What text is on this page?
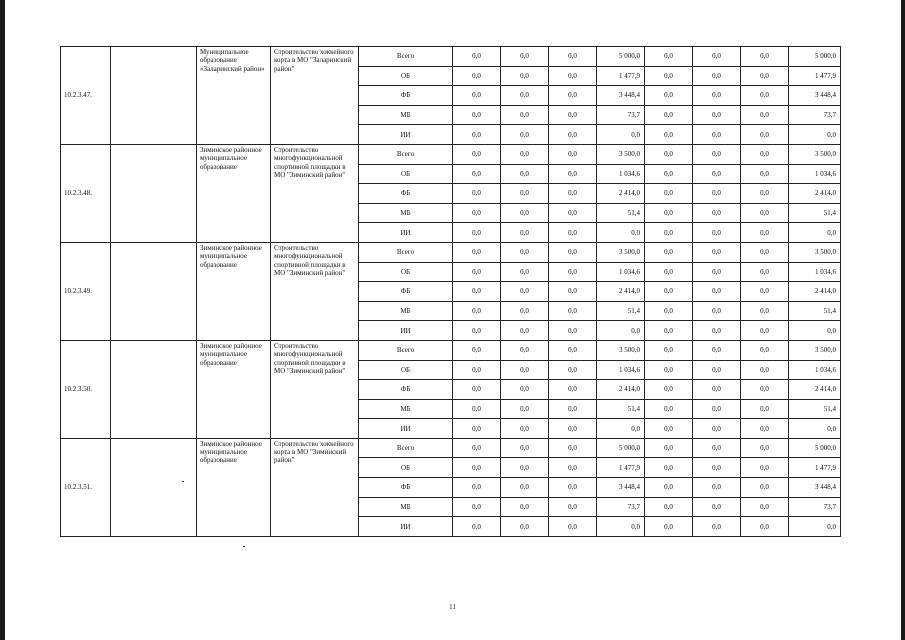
10.2.3.47.		Муниципальное образование «Заларинский район»	Строительство хоккейного корта в МО "Заларинский район"	Всего	0,0	0,0	0,0	5 000,0	0,0	0,0	0,0	5 000,0
				ОБ	0,0	0,0	0,0	1 477,9	0,0	0,0	0,0	1 477,9
				ФБ	0,0	0,0	0,0	3 448,4	0,0	0,0	0,0	3 448,4
				МБ	0,0	0,0	0,0	73,7	0,0	0,0	0,0	73,7
				ИИ	0,0	0,0	0,0	0,0	0,0	0,0	0,0	0,0
10.2.3.48.		Зиминское районное муниципальное образование	Строительство многофункциональной спортивной площадки в МО "Зиминский район"	Всего	0,0	0,0	0,0	3 500,0	0,0	0,0	0,0	3 500,0
				ОБ	0,0	0,0	0,0	1 034,6	0,0	0,0	0,0	1 034,6
				ФБ	0,0	0,0	0,0	2 414,0	0,0	0,0	0,0	2 414,0
				МБ	0,0	0,0	0,0	51,4	0,0	0,0	0,0	51,4
				ИИ	0,0	0,0	0,0	0,0	0,0	0,0	0,0	0,0
10.2.3.49.		Зиминское районное муниципальное образование	Строительство многофункциональной спортивной площадки в МО "Зиминский район"	Всего	0,0	0,0	0,0	3 500,0	0,0	0,0	0,0	3 500,0
				ОБ	0,0	0,0	0,0	1 034,6	0,0	0,0	0,0	1 034,6
				ФБ	0,0	0,0	0,0	2 414,0	0,0	0,0	0,0	2 414,0
				МБ	0,0	0,0	0,0	51,4	0,0	0,0	0,0	51,4
				ИИ	0,0	0,0	0,0	0,0	0,0	0,0	0,0	0,0
10.2.3.50.		Зиминское районное муниципальное образование	Строительство многофункциональной спортивной площадки в МО "Зиминский район"	Всего	0,0	0,0	0,0	3 500,0	0,0	0,0	0,0	3 500,0
				ОБ	0,0	0,0	0,0	1 034,6	0,0	0,0	0,0	1 034,6
				ФБ	0,0	0,0	0,0	2 414,0	0,0	0,0	0,0	2 414,0
				МБ	0,0	0,0	0,0	51,4	0,0	0,0	0,0	51,4
				ИИ	0,0	0,0	0,0	0,0	0,0	0,0	0,0	0,0
10.2.3.51.		Зиминское районное муниципальное образование	Строительство хоккейного корта в МО "Зиминский район"	Всего	0,0	0,0	0,0	5 000,0	0,0	0,0	0,0	5 000,0
				ОБ	0,0	0,0	0,0	1 477,9	0,0	0,0	0,0	1 477,9
				ФБ	0,0	0,0	0,0	3 448,4	0,0	0,0	0,0	3 448,4
				МБ	0,0	0,0	0,0	73,7	0,0	0,0	0,0	73,7
				ИИ	0,0	0,0	0,0	0,0	0,0	0,0	0,0	0,0
11
